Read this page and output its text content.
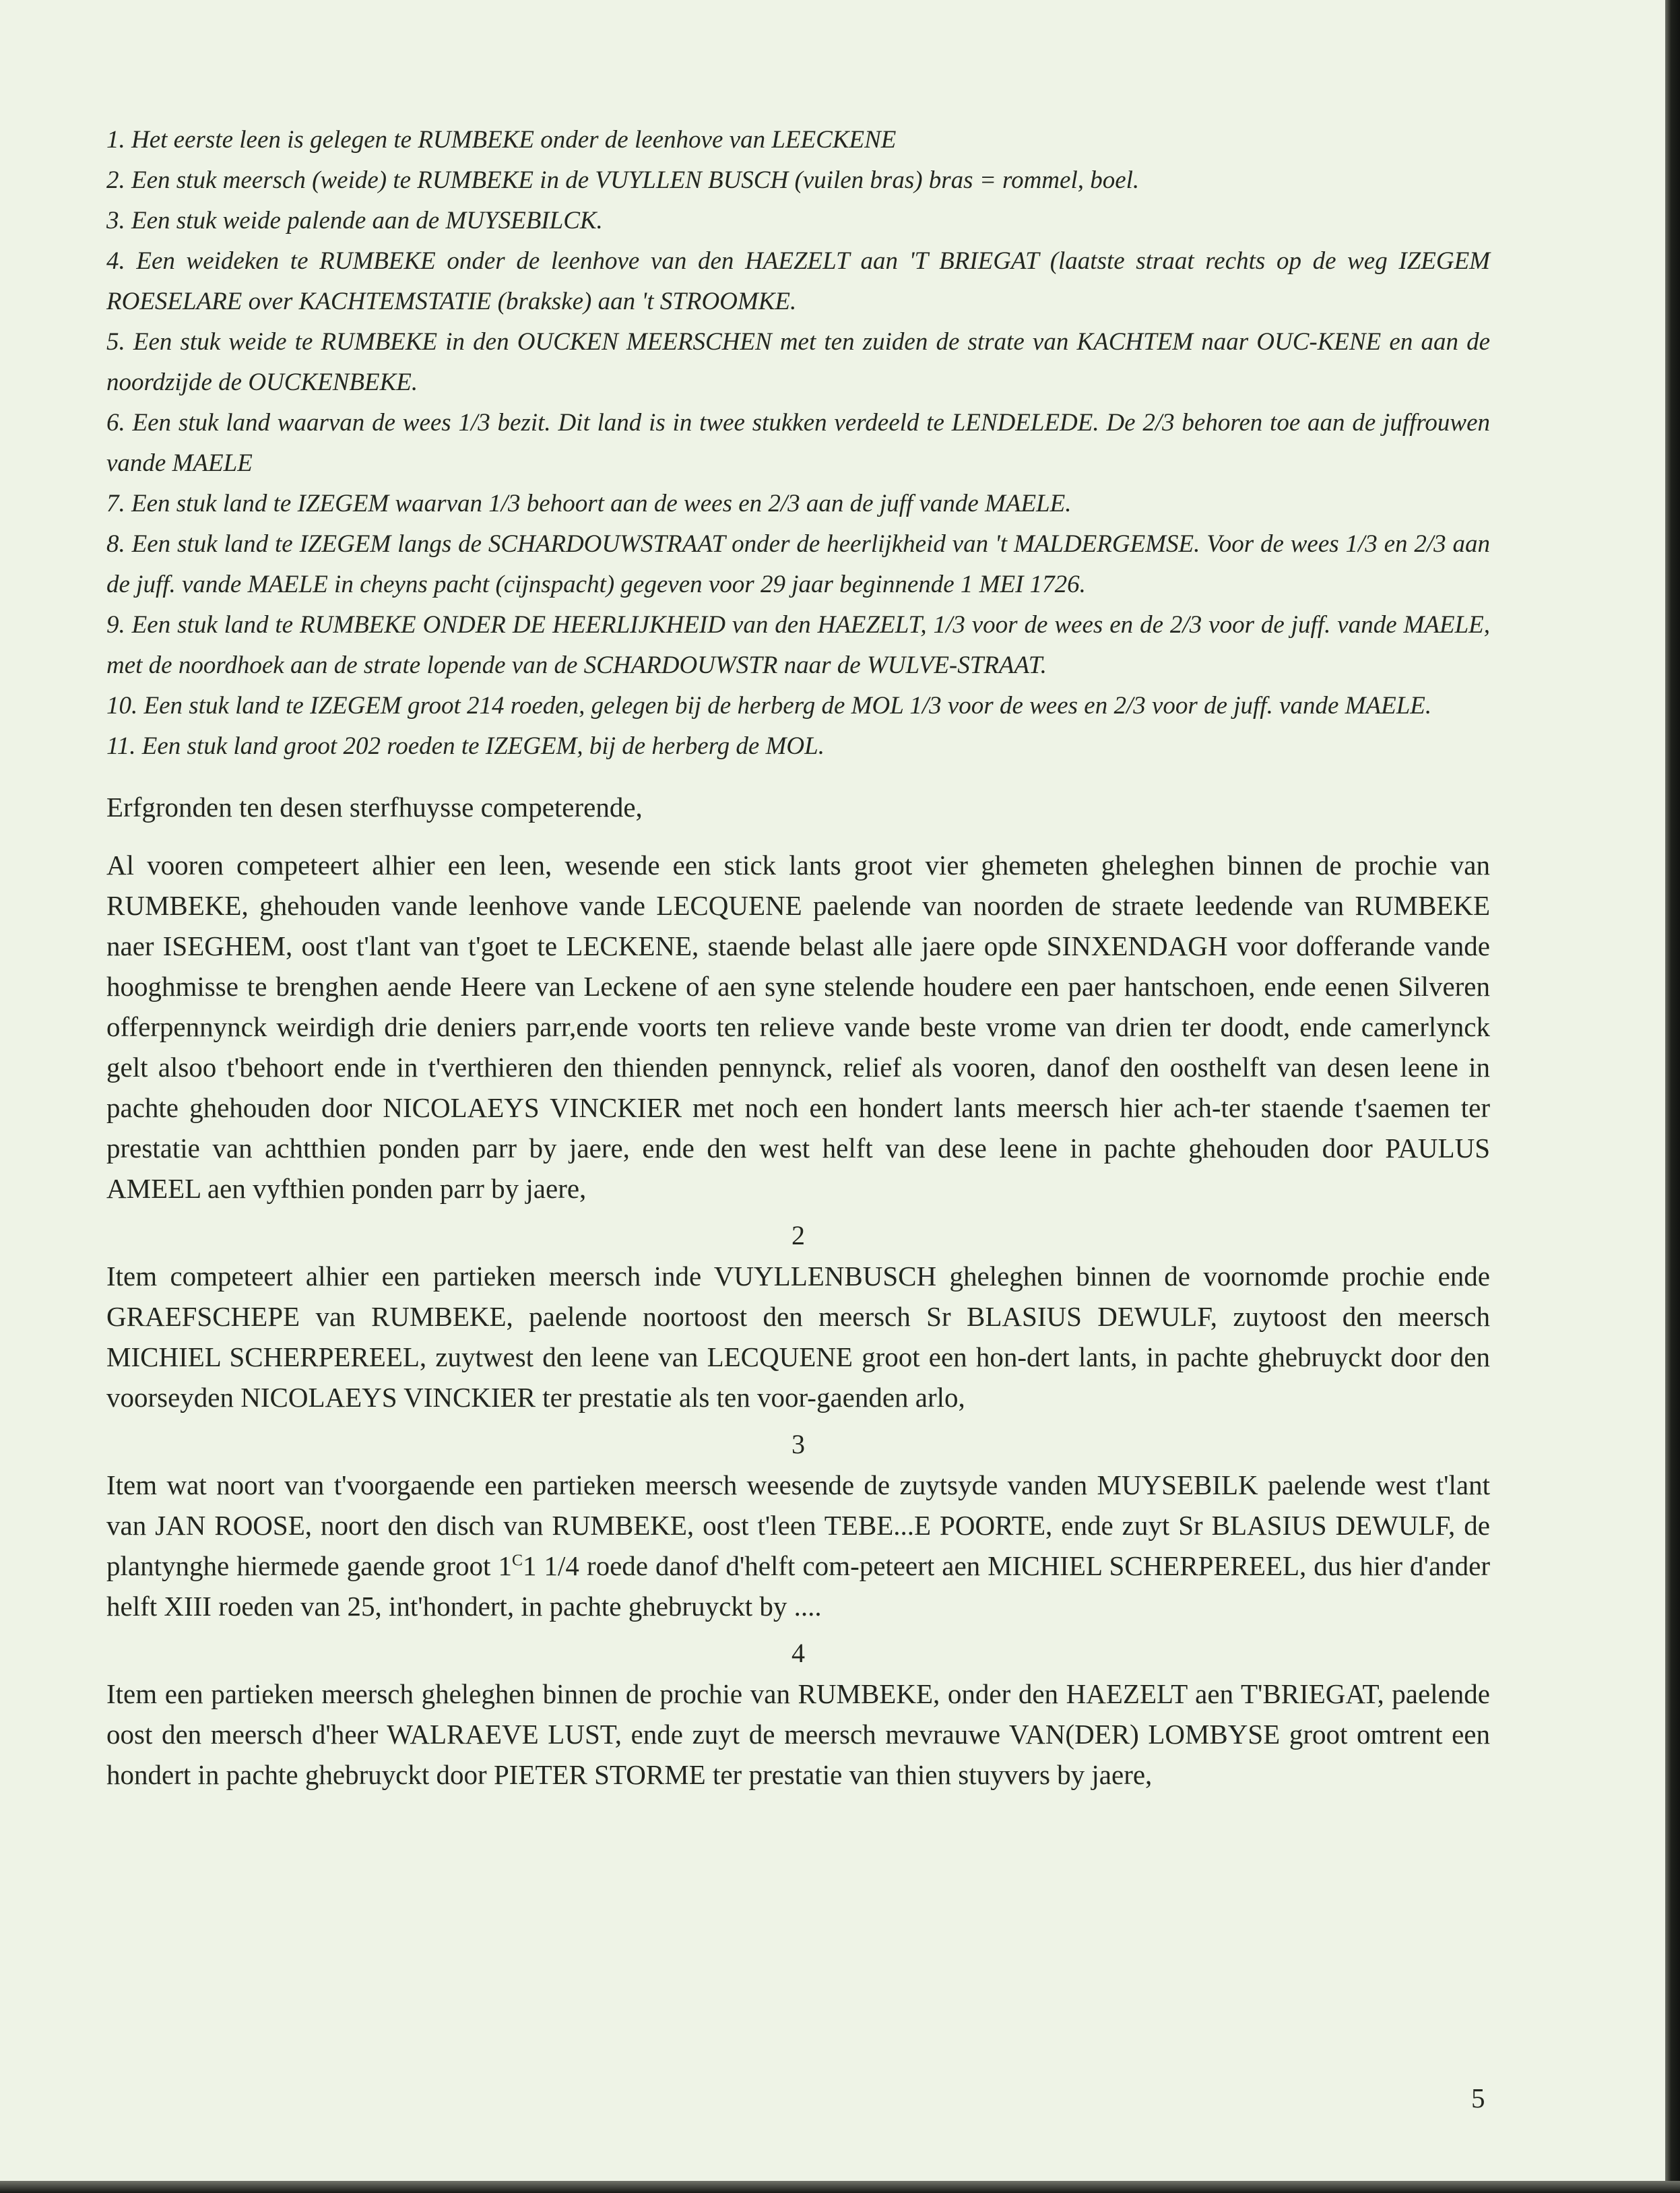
1. Het eerste leen is gelegen te RUMBEKE onder de leenhove van LEECKENE
2. Een stuk meersch (weide) te RUMBEKE in de VUYLLEN BUSCH (vuilen bras) bras = rommel, boel.
3. Een stuk weide palende aan de MUYSEBILCK.
4. Een weideken te RUMBEKE onder de leenhove van den HAEZELT aan 'T BRIEGAT (laatste straat rechts op de weg IZEGEM ROESELARE over KACHTEMSTATIE (brakske) aan 't STROOMKE.
5. Een stuk weide te RUMBEKE in den OUCKEN MEERSCHEN met ten zuiden de strate van KACHTEM naar OUC-KENE en aan de noordzijde de OUCKENBEKE.
6. Een stuk land waarvan de wees 1/3 bezit. Dit land is in twee stukken verdeeld te LENDELEDE. De 2/3 behoren toe aan de juffrouwen vande MAELE
7. Een stuk land te IZEGEM waarvan 1/3 behoort aan de wees en 2/3 aan de juff vande MAELE.
8. Een stuk land te IZEGEM langs de SCHARDOUWSTRAAT onder de heerlijkheid van 't MALDERGEMSE. Voor de wees 1/3 en 2/3 aan de juff. vande MAELE in cheyns pacht (cijnspacht) gegeven voor 29 jaar beginnende 1 MEI 1726.
9. Een stuk land te RUMBEKE ONDER DE HEERLIJKHEID van den HAEZELT, 1/3 voor de wees en de 2/3 voor de juff. vande MAELE, met de noordhoek aan de strate lopende van de SCHARDOUWSTR naar de WULVE-STRAAT.
10. Een stuk land te IZEGEM groot 214 roeden, gelegen bij de herberg de MOL 1/3 voor de wees en 2/3 voor de juff. vande MAELE.
11. Een stuk land groot 202 roeden te IZEGEM, bij de herberg de MOL.

Erfgronden ten desen sterfhuysse competerende,

Al vooren competeert alhier een leen, wesende een stick lants groot vier ghemeten gheleghen binnen de prochie van RUMBEKE, ghehouden vande leenhove vande LECQUENE paelende van noorden de straete leedende van RUMBEKE naer ISEGHEM, oost t'lant van t'goet te LECKENE, staende belast alle jaere opde SINXENDAGH voor dofferande vande hooghmisse te brenghen aende Heere van Leckene of aen syne stelende houdere een paer hantschoen, ende eenen Silveren offerpennynck weirdigh drie deniers parr,ende voorts ten relieve vande beste vrome van drien ter doodt, ende camerlynck gelt alsoo t'behoort ende in t'verthieren den thienden pennynck, relief als vooren, danof den oosthelft van desen leene in pachte ghehouden door NICOLAEYS VINCKIER met noch een hondert lants meersch hier ach-ter staende t'saemen ter prestatie van achtthien ponden parr by jaere, ende den west helft van dese leene in pachte ghehouden door PAULUS AMEEL aen vyfthien ponden parr by jaere,

2

Item competeert alhier een partieken meersch inde VUYLLENBUSCH gheleghen binnen de voornomde prochie ende GRAEFSCHEPE van RUMBEKE, paelende noortoost den meersch Sr BLASIUS DEWULF, zuytoost den meersch MICHIEL SCHERPEREEL, zuytwest den leene van LECQUENE groot een hon-dert lants, in pachte ghebruyckt door den voorseyden NICOLAEYS VINCKIER ter prestatie als ten voor-gaenden arlo,

3

Item wat noort van t'voorgaende een partieken meersch weesende de zuytsyde vanden MUYSEBILK paelende west t'lant van JAN ROOSE, noort den disch van RUMBEKE, oost t'leen TEBE...E POORTE, ende zuyt Sr BLASIUS DEWULF, de plantynghe hiermede gaende groot $1^C1$ 1/4 roede danof d'helft com-peteert aen MICHIEL SCHERPEREEL, dus hier d'ander helft XIII roeden van 25, int'hondert, in pachte ghebruyckt by ....

4

Item een partieken meersch gheleghen binnen de prochie van RUMBEKE, onder den HAEZELT aen T'BRIEGAT, paelende oost den meersch d'heer WALRAEVE LUST, ende zuyt de meersch mevrauwe VAN(DER) LOMBYSE groot omtrent een hondert in pachte ghebruyckt door PIETER STORME ter prestatie van thien stuyvers by jaere,

5
